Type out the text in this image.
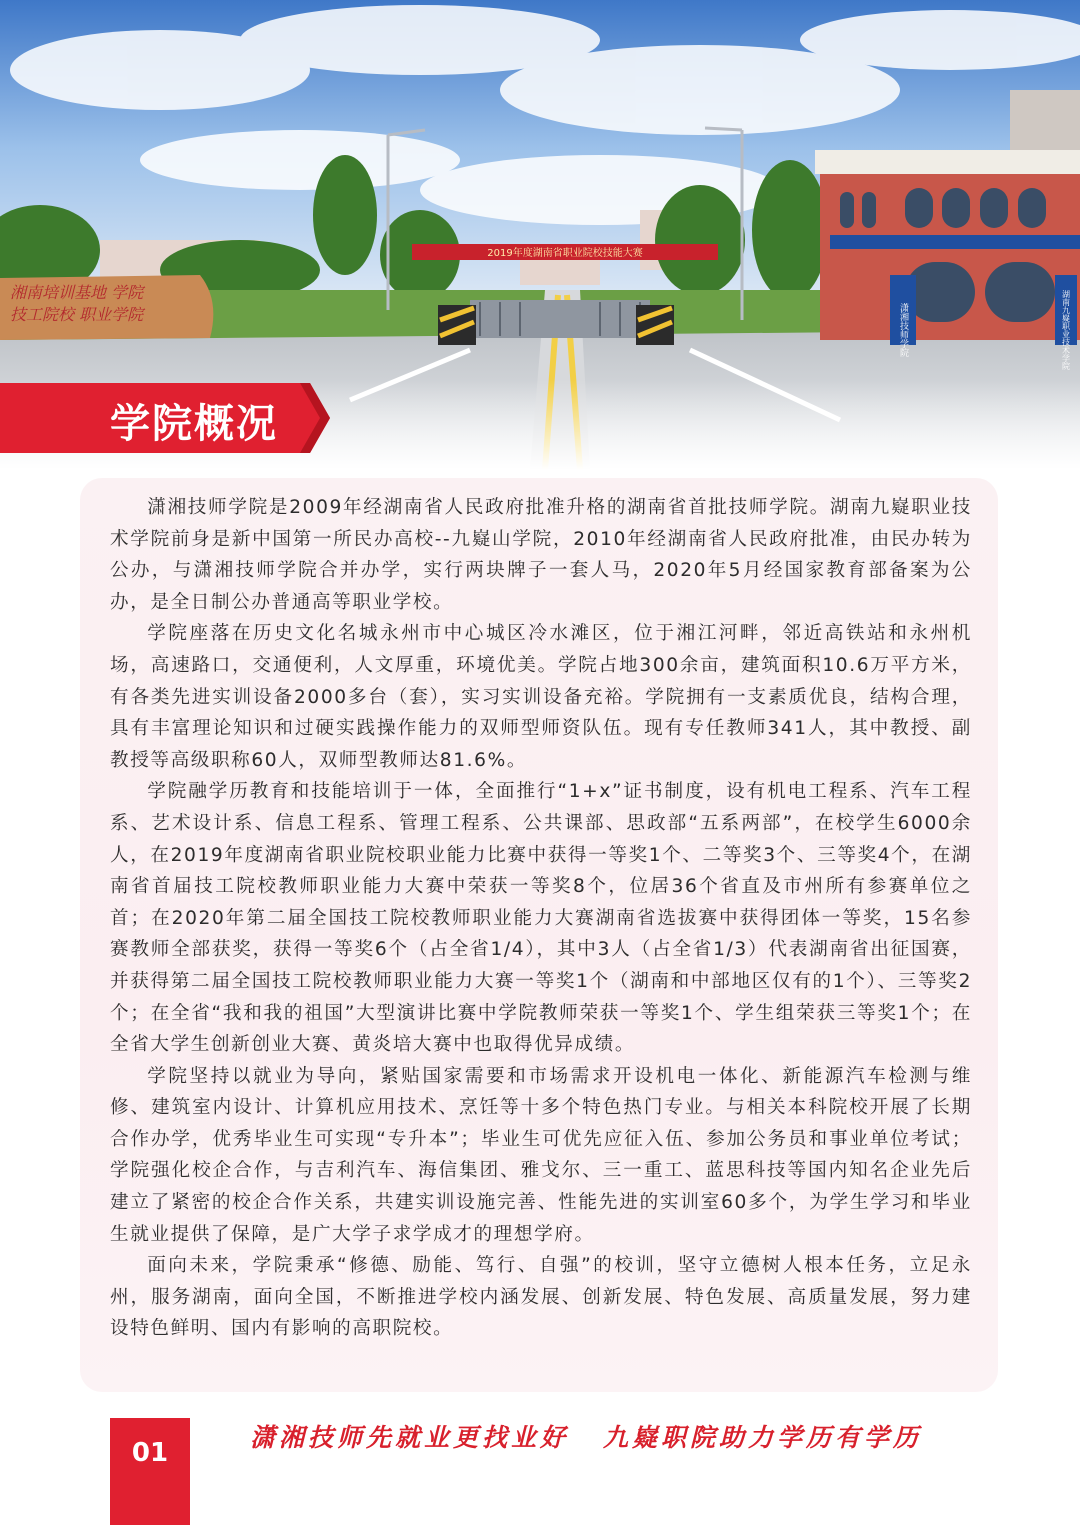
2019年度湖南省职业院校技能大赛
湘南培训基地 学院
技工院校 职业学院	潇湘技师学院	湖南九嶷职业技术学院
学院概况

潇湘技师学院是2009年经湖南省人民政府批准升格的湖南省首批技师学院。湖南九嶷职业技术学院前身是新中国第一所民办高校--九嶷山学院，2010年经湖南省人民政府批准，由民办转为公办，与潇湘技师学院合并办学，实行两块牌子一套人马，2020年5月经国家教育部备案为公办，是全日制公办普通高等职业学校。

学院座落在历史文化名城永州市中心城区冷水滩区，位于湘江河畔，邻近高铁站和永州机场，高速路口，交通便利，人文厚重，环境优美。学院占地300余亩，建筑面积10.6万平方米，有各类先进实训设备2000多台（套），实习实训设备充裕。学院拥有一支素质优良，结构合理，具有丰富理论知识和过硬实践操作能力的双师型师资队伍。现有专任教师341人，其中教授、副教授等高级职称60人，双师型教师达81.6%。

学院融学历教育和技能培训于一体，全面推行“1+x”证书制度，设有机电工程系、汽车工程系、艺术设计系、信息工程系、管理工程系、公共课部、思政部“五系两部”，在校学生6000余人，在2019年度湖南省职业院校职业能力比赛中获得一等奖1个、二等奖3个、三等奖4个，在湖南省首届技工院校教师职业能力大赛中荣获一等奖8个，位居36个省直及市州所有参赛单位之首；在2020年第二届全国技工院校教师职业能力大赛湖南省选拔赛中获得团体一等奖，15名参赛教师全部获奖，获得一等奖6个（占全省1/4），其中3人（占全省1/3）代表湖南省出征国赛，并获得第二届全国技工院校教师职业能力大赛一等奖1个（湖南和中部地区仅有的1个）、三等奖2个；在全省“我和我的祖国”大型演讲比赛中学院教师荣获一等奖1个、学生组荣获三等奖1个；在全省大学生创新创业大赛、黄炎培大赛中也取得优异成绩。

学院坚持以就业为导向，紧贴国家需要和市场需求开设机电一体化、新能源汽车检测与维修、建筑室内设计、计算机应用技术、烹饪等十多个特色热门专业。与相关本科院校开展了长期合作办学，优秀毕业生可实现“专升本”；毕业生可优先应征入伍、参加公务员和事业单位考试；学院强化校企合作，与吉利汽车、海信集团、雅戈尔、三一重工、蓝思科技等国内知名企业先后建立了紧密的校企合作关系，共建实训设施完善、性能先进的实训室60多个，为学生学习和毕业生就业提供了保障，是广大学子求学成才的理想学府。

面向未来，学院秉承“修德、励能、笃行、自强”的校训，坚守立德树人根本任务，立足永州，服务湖南，面向全国，不断推进学校内涵发展、创新发展、特色发展、高质量发展，努力建设特色鲜明、国内有影响的高职院校。

01
潇湘技师先就业更找业好 九嶷职院助力学历有学历
